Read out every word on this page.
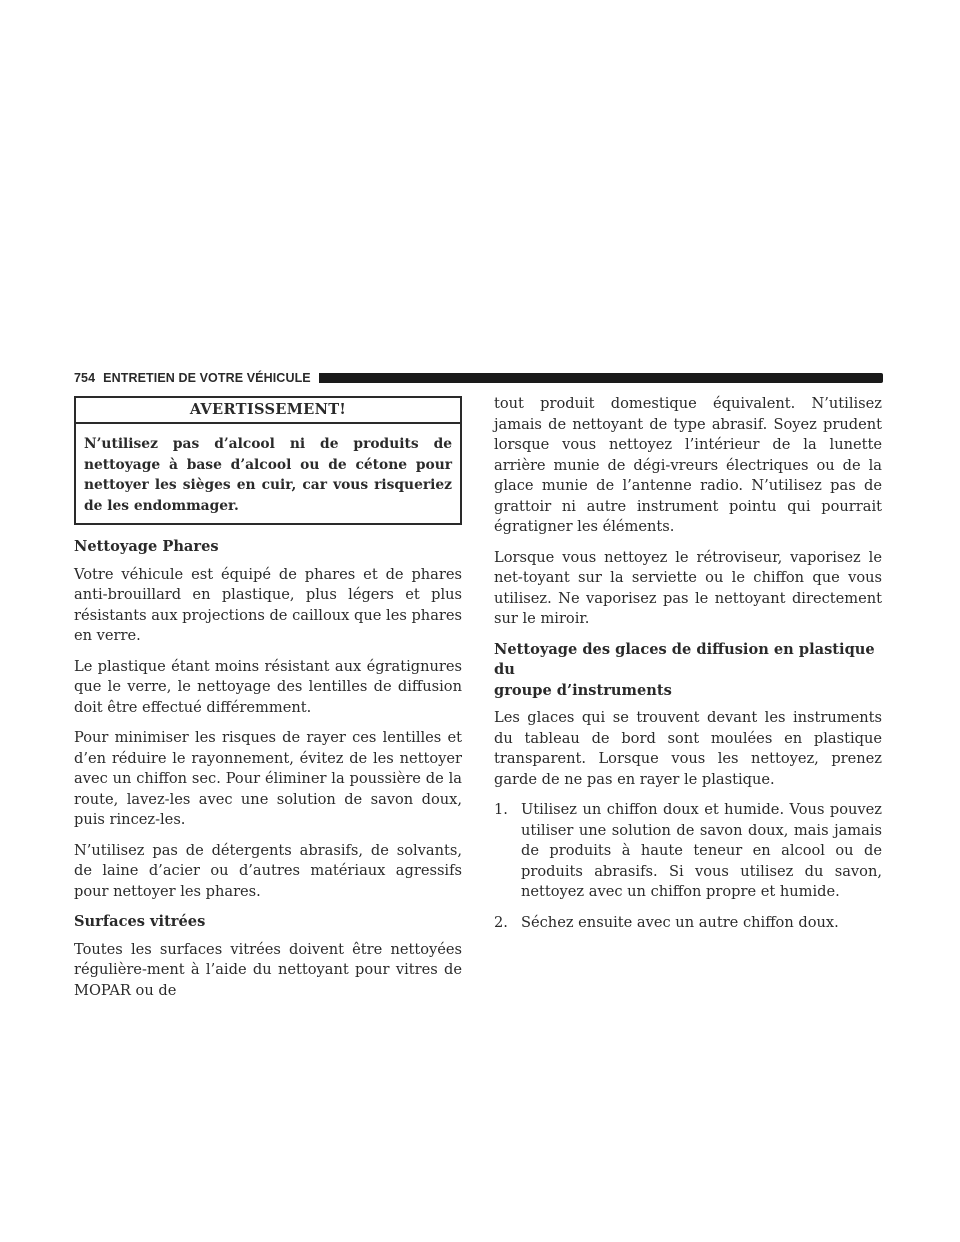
754 ENTRETIEN DE VOTRE VÉHICULE
AVERTISSEMENT!
N’utilisez pas d’alcool ni de produits de nettoyage à base d’alcool ou de cétone pour nettoyer les sièges en cuir, car vous risqueriez de les endommager.
Nettoyage Phares

Votre véhicule est équipé de phares et de phares anti-brouillard en plastique, plus légers et plus résistants aux projections de cailloux que les phares en verre.

Le plastique étant moins résistant aux égratignures que le verre, le nettoyage des lentilles de diffusion doit être effectué différemment.

Pour minimiser les risques de rayer ces lentilles et d’en réduire le rayonnement, évitez de les nettoyer avec un chiffon sec. Pour éliminer la poussière de la route, lavez-les avec une solution de savon doux, puis rincez-les.

N’utilisez pas de détergents abrasifs, de solvants, de laine d’acier ou d’autres matériaux agressifs pour nettoyer les phares.

Surfaces vitrées

Toutes les surfaces vitrées doivent être nettoyées régulière-ment à l’aide du nettoyant pour vitres de MOPAR ou de

tout produit domestique équivalent. N’utilisez jamais de nettoyant de type abrasif. Soyez prudent lorsque vous nettoyez l’intérieur de la lunette arrière munie de dégi-vreurs électriques ou de la glace munie de l’antenne radio. N’utilisez pas de grattoir ni autre instrument pointu qui pourrait égratigner les éléments.

Lorsque vous nettoyez le rétroviseur, vaporisez le net-toyant sur la serviette ou le chiffon que vous utilisez. Ne vaporisez pas le nettoyant directement sur le miroir.

Nettoyage des glaces de diffusion en plastique du
groupe d’instruments

Les glaces qui se trouvent devant les instruments du tableau de bord sont moulées en plastique transparent. Lorsque vous les nettoyez, prenez garde de ne pas en rayer le plastique.

1. Utilisez un chiffon doux et humide. Vous pouvez utiliser une solution de savon doux, mais jamais de produits à haute teneur en alcool ou de produits abrasifs. Si vous utilisez du savon, nettoyez avec un chiffon propre et humide.
2. Séchez ensuite avec un autre chiffon doux.
